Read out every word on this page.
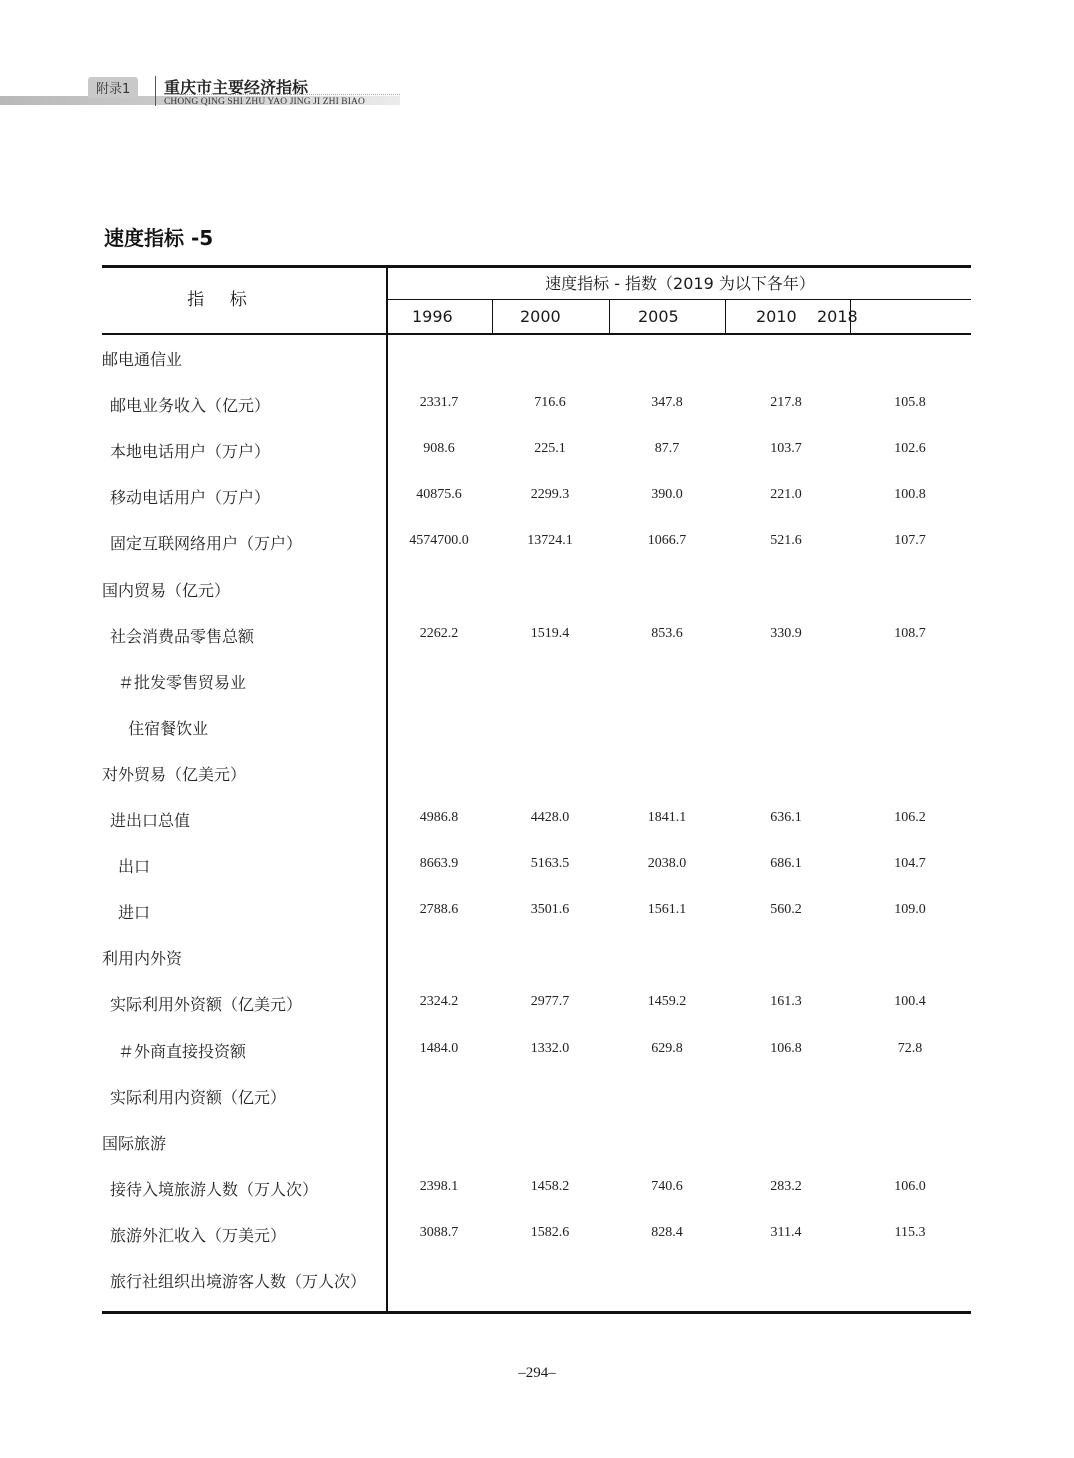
附录1	重庆市主要经济指标
CHONG QING SHI ZHU YAO JING JI ZHI BIAO
速度指标 -5
指 标
速度指标 - 指数（2019 为以下各年）
1996	2000	2005	2010 2018
邮电通信业
邮电业务收入（亿元）	2331.7	716.6	347.8	217.8	105.8
本地电话用户（万户）	908.6	225.1	87.7	103.7	102.6
移动电话用户（万户）	40875.6	2299.3	390.0	221.0	100.8
固定互联网络用户（万户）	4574700.0	13724.1	1066.7	521.6	107.7
国内贸易（亿元）
社会消费品零售总额	2262.2	1519.4	853.6	330.9	108.7
＃批发零售贸易业
住宿餐饮业
对外贸易（亿美元）
进出口总值	4986.8	4428.0	1841.1	636.1	106.2
出口	8663.9	5163.5	2038.0	686.1	104.7
进口	2788.6	3501.6	1561.1	560.2	109.0
利用内外资
实际利用外资额（亿美元）	2324.2	2977.7	1459.2	161.3	100.4
＃外商直接投资额	1484.0	1332.0	629.8	106.8	72.8
实际利用内资额（亿元）
国际旅游
接待入境旅游人数（万人次）	2398.1	1458.2	740.6	283.2	106.0
旅游外汇收入（万美元）	3088.7	1582.6	828.4	311.4	115.3
旅行社组织出境游客人数（万人次）
–294–
